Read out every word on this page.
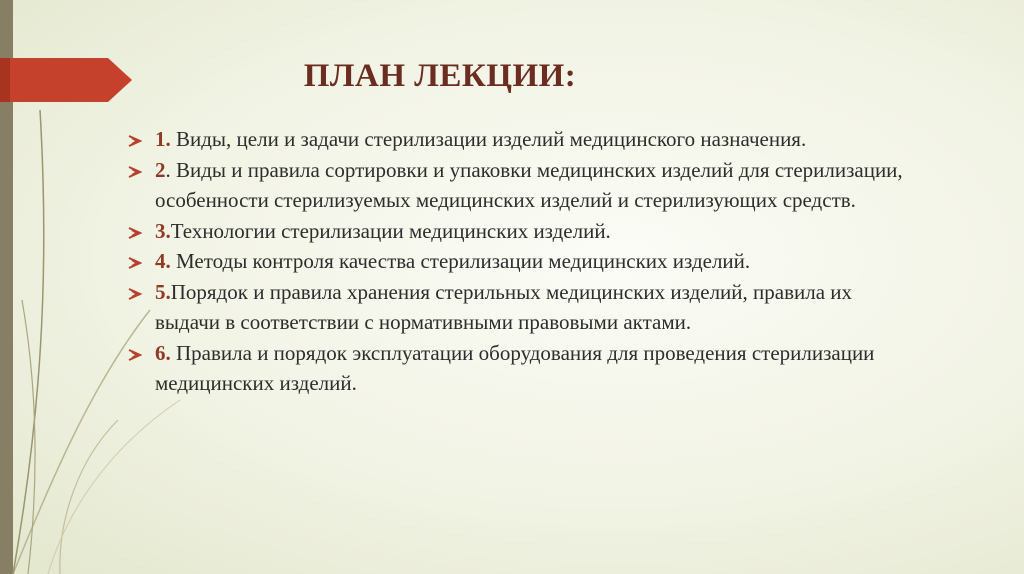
ПЛАН ЛЕКЦИИ:
1. Виды, цели и задачи стерилизации изделий медицинского назначения.
2. Виды и правила сортировки и упаковки медицинских изделий для стерилизации, особенности стерилизуемых медицинских изделий и стерилизующих средств.
3.Технологии стерилизации медицинских изделий.
4. Методы контроля качества стерилизации медицинских изделий.
5.Порядок и правила хранения стерильных медицинских изделий, правила их выдачи в соответствии с нормативными правовыми актами.
6. Правила и порядок эксплуатации оборудования для проведения стерилизации медицинских изделий.
